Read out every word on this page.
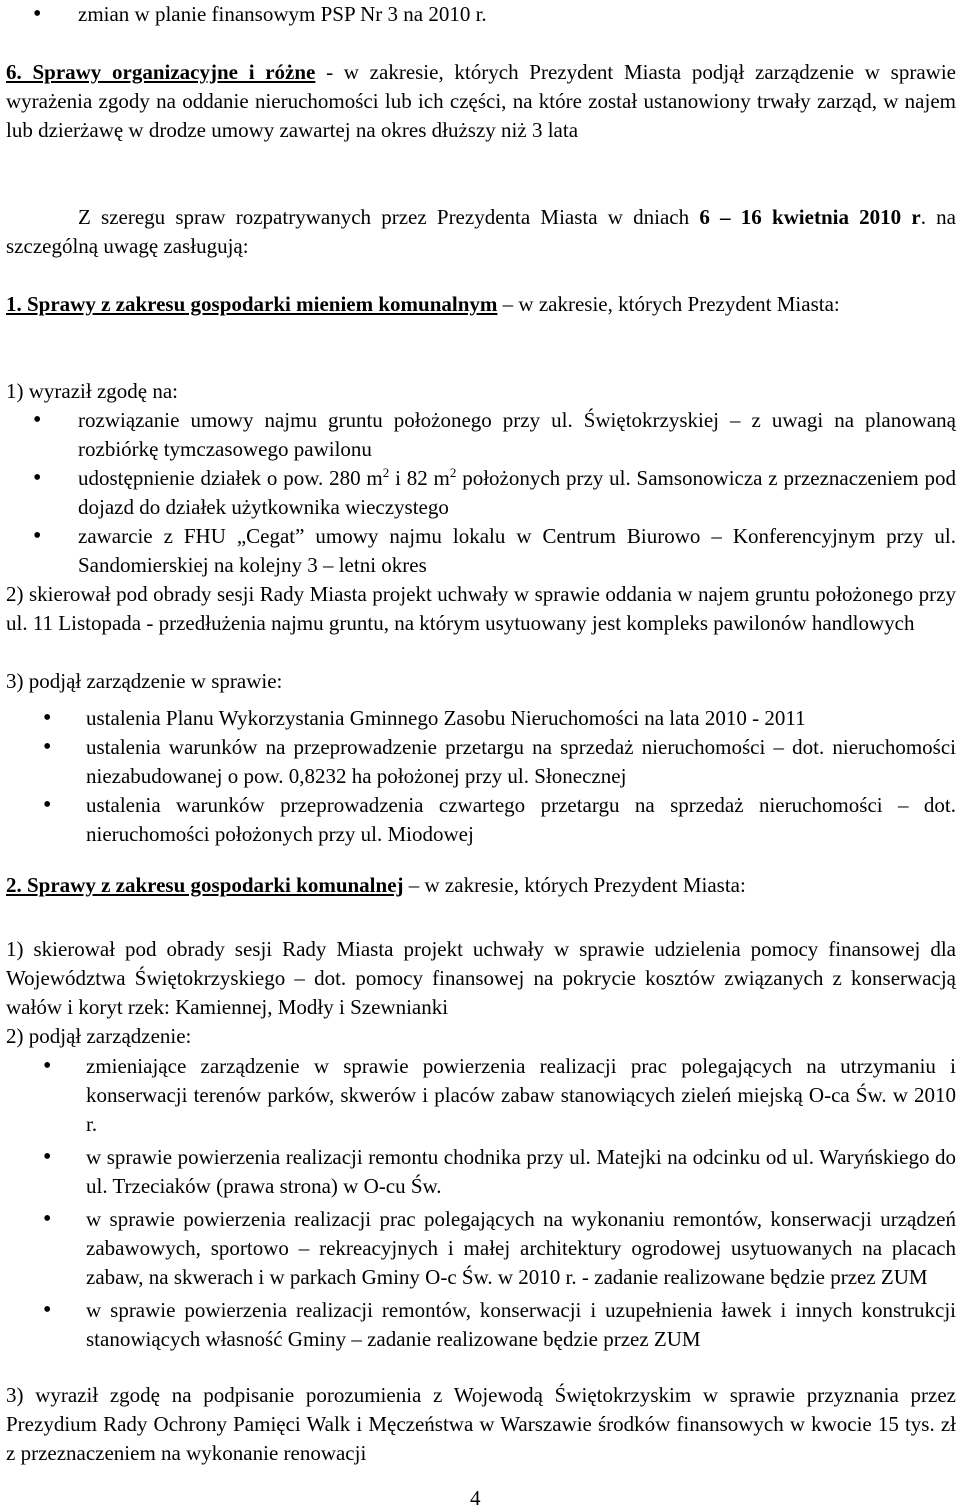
• zmian w planie finansowym PSP Nr 3 na 2010 r.

6. Sprawy organizacyjne i różne - w zakresie, których Prezydent Miasta podjął zarządzenie w sprawie wyrażenia zgody na oddanie nieruchomości lub ich części, na które został ustanowiony trwały zarząd, w najem lub dzierżawę w drodze umowy zawartej na okres dłuższy niż 3 lata

Z szeregu spraw rozpatrywanych przez Prezydenta Miasta w dniach 6 – 16 kwietnia 2010 r. na szczególną uwagę zasługują:

1. Sprawy z zakresu gospodarki mieniem komunalnym – w zakresie, których Prezydent Miasta:

1) wyraził zgodę na:

• rozwiązanie umowy najmu gruntu położonego przy ul. Świętokrzyskiej – z uwagi na planowaną rozbiórkę tymczasowego pawilonu
• udostępnienie działek o pow. 280 $m^2$ i 82 $m^2$ położonych przy ul. Samsonowicza z przeznaczeniem pod dojazd do działek użytkownika wieczystego
• zawarcie z FHU „Cegat” umowy najmu lokalu w Centrum Biurowo – Konferencyjnym przy ul. Sandomierskiej na kolejny 3 – letni okres

2) skierował pod obrady sesji Rady Miasta projekt uchwały w sprawie oddania w najem gruntu położonego przy ul. 11 Listopada - przedłużenia najmu gruntu, na którym usytuowany jest kompleks pawilonów handlowych

3) podjął zarządzenie w sprawie:

• ustalenia Planu Wykorzystania Gminnego Zasobu Nieruchomości na lata 2010 - 2011
• ustalenia warunków na przeprowadzenie przetargu na sprzedaż nieruchomości – dot. nieruchomości niezabudowanej o pow. 0,8232 ha położonej przy ul. Słonecznej
• ustalenia warunków przeprowadzenia czwartego przetargu na sprzedaż nieruchomości – dot. nieruchomości położonych przy ul. Miodowej

2. Sprawy z zakresu gospodarki komunalnej – w zakresie, których Prezydent Miasta:

1) skierował pod obrady sesji Rady Miasta projekt uchwały w sprawie udzielenia pomocy finansowej dla Województwa Świętokrzyskiego – dot. pomocy finansowej na pokrycie kosztów związanych z konserwacją wałów i koryt rzek: Kamiennej, Modły i Szewnianki

2) podjął zarządzenie:

• zmieniające zarządzenie w sprawie powierzenia realizacji prac polegających na utrzymaniu i konserwacji terenów parków, skwerów i placów zabaw stanowiących zieleń miejską O-ca Św. w 2010 r.
• w sprawie powierzenia realizacji remontu chodnika przy ul. Matejki na odcinku od ul. Waryńskiego do ul. Trzeciaków (prawa strona) w O-cu Św.
• w sprawie powierzenia realizacji prac polegających na wykonaniu remontów, konserwacji urządzeń zabawowych, sportowo – rekreacyjnych i małej architektury ogrodowej usytuowanych na placach zabaw, na skwerach i w parkach Gminy O-c Św. w 2010 r. - zadanie realizowane będzie przez ZUM
• w sprawie powierzenia realizacji remontów, konserwacji i uzupełnienia ławek i innych konstrukcji stanowiących własność Gminy – zadanie realizowane będzie przez ZUM

3) wyraził zgodę na podpisanie porozumienia z Wojewodą Świętokrzyskim w sprawie przyznania przez Prezydium Rady Ochrony Pamięci Walk i Męczeństwa w Warszawie środków finansowych w kwocie 15 tys. zł z przeznaczeniem na wykonanie renowacji

4
